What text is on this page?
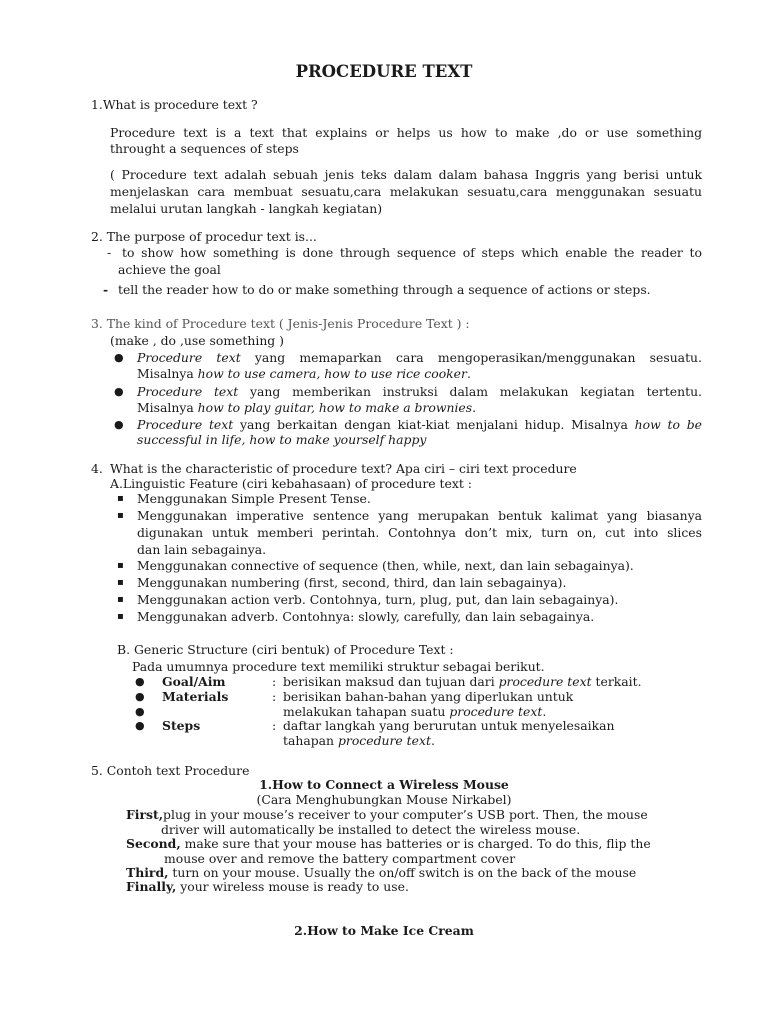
PROCEDURE TEXT
1.What is procedure text ?
Procedure text is a text that explains or helps us how to make ,do or use something
throught a sequences of steps
( Procedure text adalah sebuah jenis teks dalam dalam bahasa Inggris yang berisi untuk
menjelaskan cara membuat sesuatu,cara melakukan sesuatu,cara menggunakan sesuatu
melalui urutan langkah - langkah kegiatan)
2. The purpose of procedur text is...
- to show how something is done through sequence of steps which enable the reader to
achieve the goal
- tell the reader how to do or make something through a sequence of actions or steps.
3. The kind of Procedure text ( Jenis-Jenis Procedure Text ) :
(make , do ,use something )
● Procedure text yang memaparkan cara mengoperasikan/menggunakan sesuatu.
Misalnya how to use camera, how to use rice cooker.
● Procedure text yang memberikan instruksi dalam melakukan kegiatan tertentu.
Misalnya how to play guitar, how to make a brownies.
● Procedure text yang berkaitan dengan kiat-kiat menjalani hidup. Misalnya how to be
successful in life, how to make yourself happy
4. What is the characteristic of procedure text? Apa ciri – ciri text procedure
A.Linguistic Feature (ciri kebahasaan) of procedure text :
▪ Menggunakan Simple Present Tense.
▪ Menggunakan imperative sentence yang merupakan bentuk kalimat yang biasanya
digunakan untuk memberi perintah. Contohnya don’t mix, turn on, cut into slices
dan lain sebagainya.
▪ Menggunakan connective of sequence (then, while, next, dan lain sebagainya).
▪ Menggunakan numbering (first, second, third, dan lain sebagainya).
▪ Menggunakan action verb. Contohnya, turn, plug, put, dan lain sebagainya).
▪ Menggunakan adverb. Contohnya: slowly, carefully, dan lain sebagainya.
B. Generic Structure (ciri bentuk) of Procedure Text :
Pada umumnya procedure text memiliki struktur sebagai berikut.
● Goal/Aim	: berisikan maksud dan tujuan dari procedure text terkait.
● Materials	: berisikan bahan-bahan yang diperlukan untuk
●	melakukan tahapan suatu procedure text.
● Steps	: daftar langkah yang berurutan untuk menyelesaikan
tahapan procedure text.
5. Contoh text Procedure
1.How to Connect a Wireless Mouse
(Cara Menghubungkan Mouse Nirkabel)
First,plug in your mouse’s receiver to your computer’s USB port. Then, the mouse
driver will automatically be installed to detect the wireless mouse.
Second, make sure that your mouse has batteries or is charged. To do this, flip the
mouse over and remove the battery compartment cover
Third, turn on your mouse. Usually the on/off switch is on the back of the mouse
Finally, your wireless mouse is ready to use.
2.How to Make Ice Cream
